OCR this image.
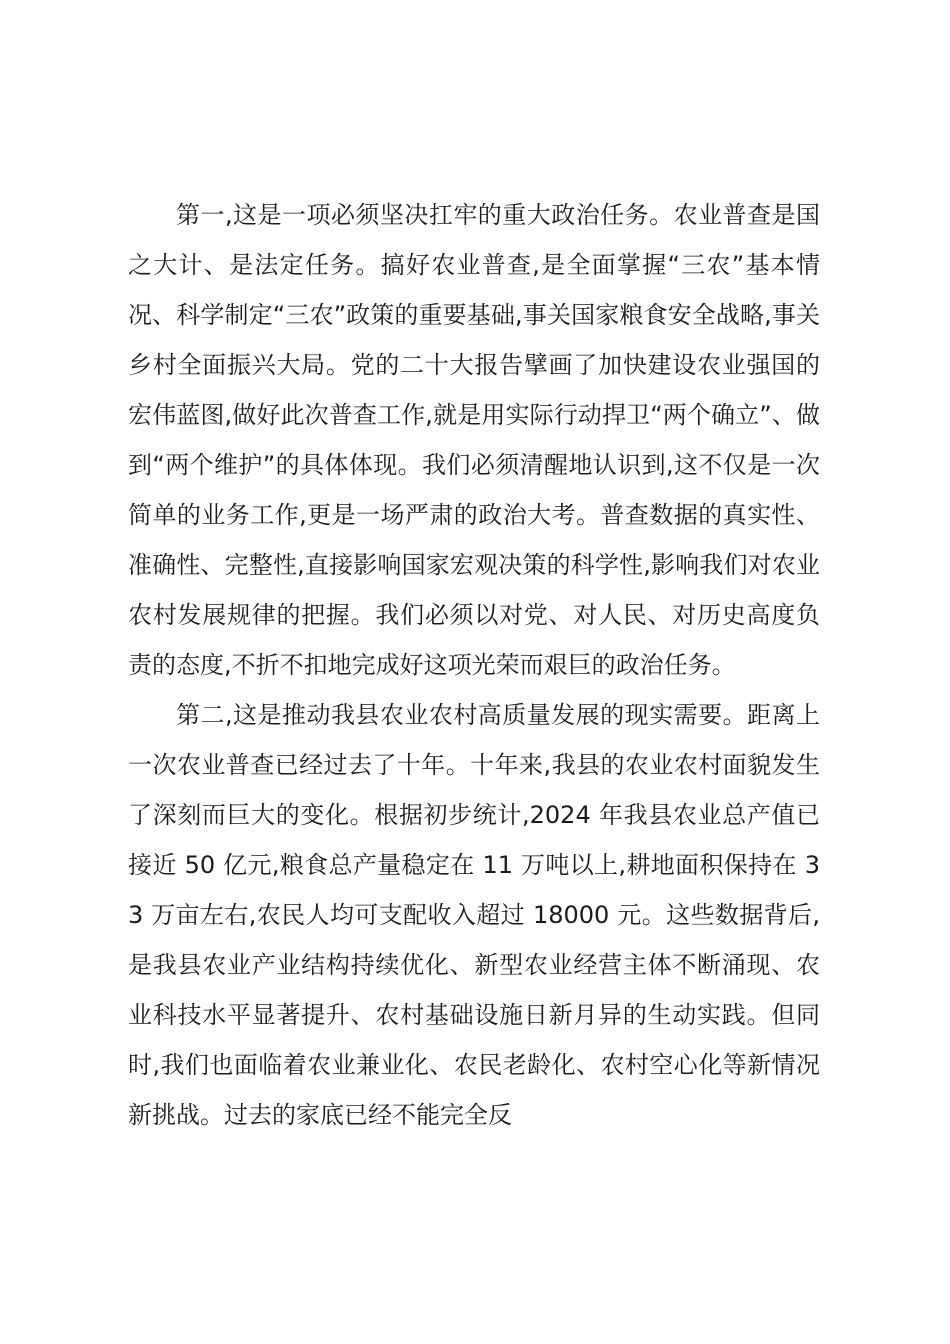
第一,这是一项必须坚决扛牢的重大政治任务。农业普查是国之大计、是法定任务。搞好农业普查,是全面掌握“三农”基本情况、科学制定“三农”政策的重要基础,事关国家粮食安全战略,事关乡村全面振兴大局。党的二十大报告擘画了加快建设农业强国的宏伟蓝图,做好此次普查工作,就是用实际行动捍卫“两个确立”、做到“两个维护”的具体体现。我们必须清醒地认识到,这不仅是一次简单的业务工作,更是一场严肃的政治大考。普查数据的真实性、准确性、完整性,直接影响国家宏观决策的科学性,影响我们对农业农村发展规律的把握。我们必须以对党、对人民、对历史高度负责的态度,不折不扣地完成好这项光荣而艰巨的政治任务。

第二,这是推动我县农业农村高质量发展的现实需要。距离上一次农业普查已经过去了十年。十年来,我县的农业农村面貌发生了深刻而巨大的变化。根据初步统计,2024 年我县农业总产值已接近 50 亿元,粮食总产量稳定在 11 万吨以上,耕地面积保持在 33 万亩左右,农民人均可支配收入超过 18000 元。这些数据背后,是我县农业产业结构持续优化、新型农业经营主体不断涌现、农业科技水平显著提升、农村基础设施日新月异的生动实践。但同时,我们也面临着农业兼业化、农民老龄化、农村空心化等新情况新挑战。过去的家底已经不能完全反
